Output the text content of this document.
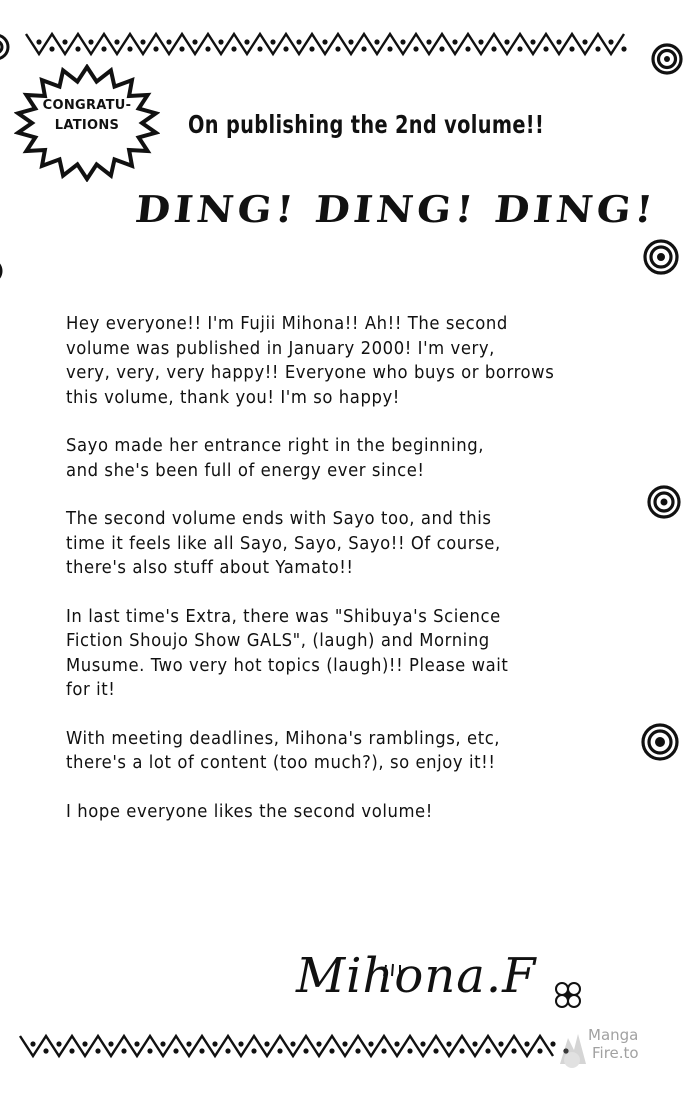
CONGRATU-
LATIONS	On publishing the 2nd volume!!
DING! DING! DING!
Hey everyone!! I'm Fujii Mihona!! Ah!! The second
volume was published in January 2000! I'm very,
very, very, very happy!! Everyone who buys or borrows
this volume, thank you! I'm so happy!
Sayo made her entrance right in the beginning,
and she's been full of energy ever since!
The second volume ends with Sayo too, and this
time it feels like all Sayo, Sayo, Sayo!! Of course,
there's also stuff about Yamato!!
In last time's Extra, there was "Shibuya's Science
Fiction Shoujo Show GALS", (laugh) and Morning
Musume. Two very hot topics (laugh)!! Please wait
for it!
With meeting deadlines, Mihona's ramblings, etc,
there's a lot of content (too much?), so enjoy it!!
I hope everyone likes the second volume!
Mihona.F
Manga
Fire.to
